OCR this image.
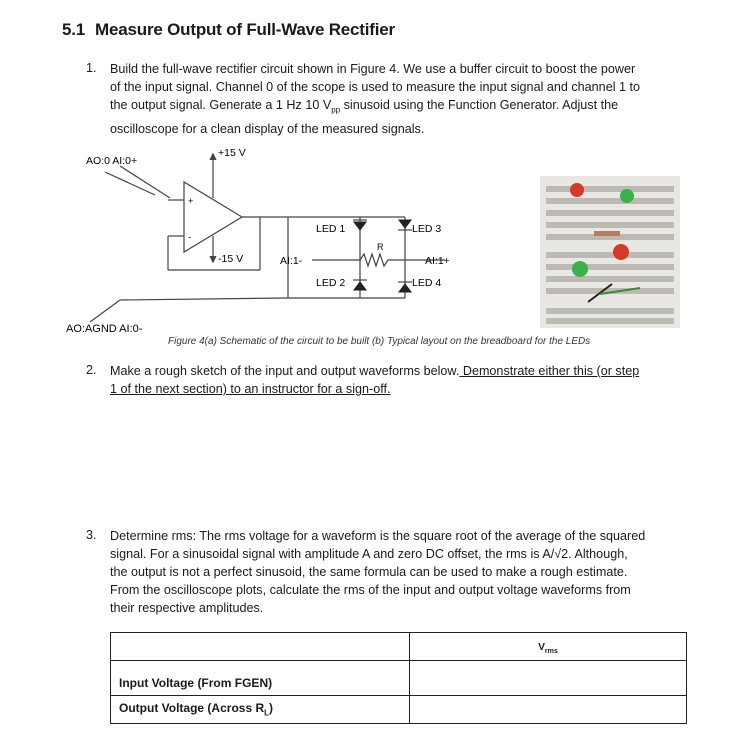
5.1 Measure Output of Full-Wave Rectifier
1. Build the full-wave rectifier circuit shown in Figure 4. We use a buffer circuit to boost the power
of the input signal. Channel 0 of the scope is used to measure the input signal and channel 1 to
the output signal. Generate a 1 Hz 10 $V_{pp}$ sinusoid using the Function Generator. Adjust the
oscilloscope for a clean display of the measured signals.
AO:0 AI:0+
+15 V
-15 V
+
-
LED 1
LED 2
LED 3
LED 4
R
AI:1-	AI:1+
AO:AGND AI:0-
Figure 4(a) Schematic of the circuit to be built (b) Typical layout on the breadboard for the LEDs
2. Make a rough sketch of the input and output waveforms below. Demonstrate either this (or step
1 of the next section) to an instructor for a sign-off.
3. Determine rms: The rms voltage for a waveform is the square root of the average of the squared
signal. For a sinusoidal signal with amplitude A and zero DC offset, the rms is A/√2. Although,
the output is not a perfect sinusoid, the same formula can be used to make a rough estimate.
From the oscilloscope plots, calculate the rms of the input and output voltage waveforms from
their respective amplitudes.
	$V_{rms}$

Input Voltage (From FGEN)	
Output Voltage (Across $R_L$)	
